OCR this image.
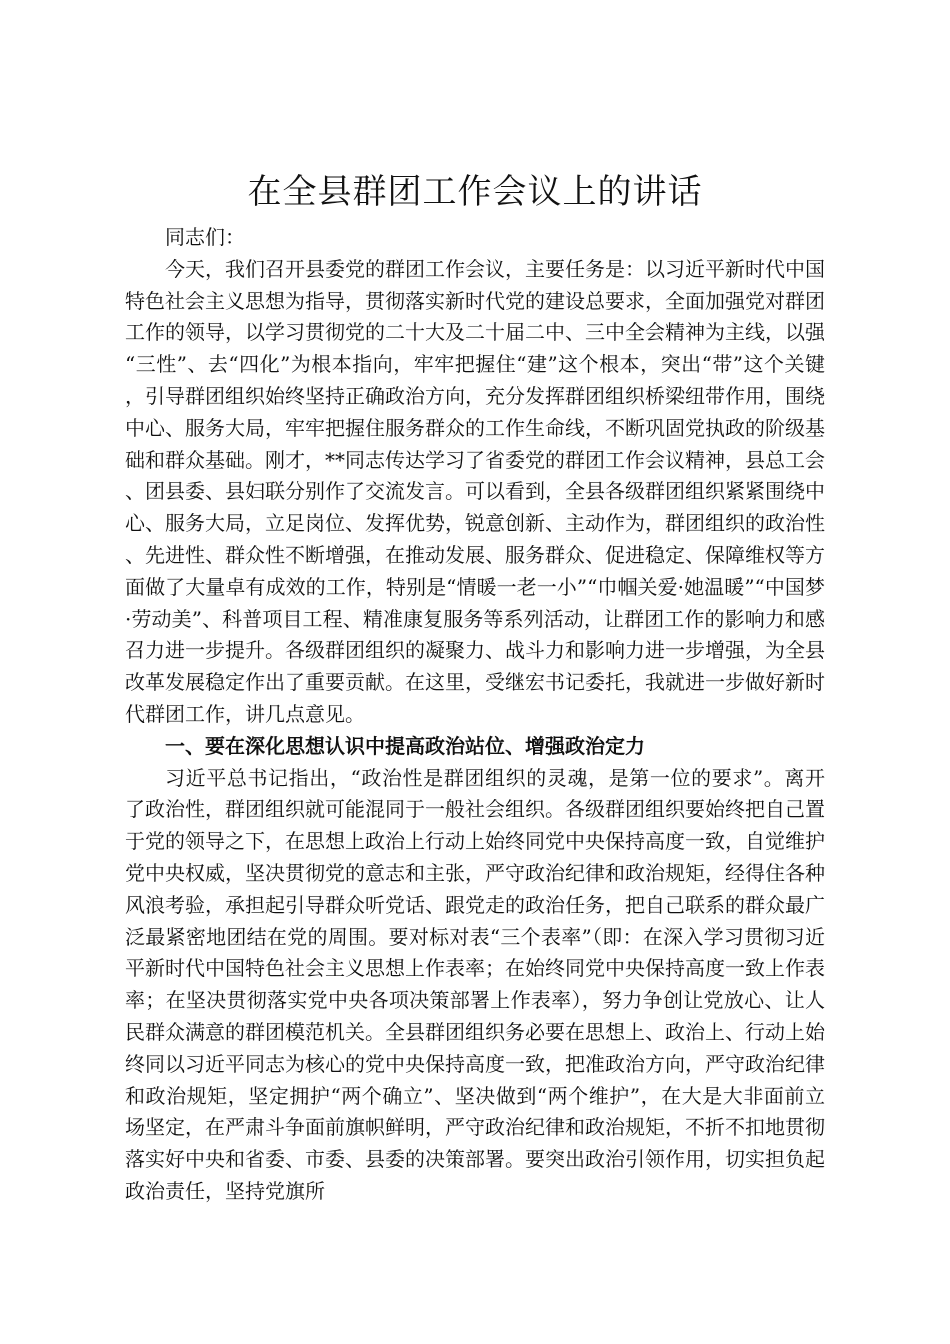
在全县群团工作会议上的讲话

同志们：

今天，我们召开县委党的群团工作会议，主要任务是：以习近平新时代中国特色社会主义思想为指导，贯彻落实新时代党的建设总要求，全面加强党对群团工作的领导，以学习贯彻党的二十大及二十届二中、三中全会精神为主线，以强“三性”、去“四化”为根本指向，牢牢把握住“建”这个根本，突出“带”这个关键，引导群团组织始终坚持正确政治方向，充分发挥群团组织桥梁纽带作用，围绕中心、服务大局，牢牢把握住服务群众的工作生命线，不断巩固党执政的阶级基础和群众基础。刚才，**同志传达学习了省委党的群团工作会议精神，县总工会、团县委、县妇联分别作了交流发言。可以看到，全县各级群团组织紧紧围绕中心、服务大局，立足岗位、发挥优势，锐意创新、主动作为，群团组织的政治性、先进性、群众性不断增强，在推动发展、服务群众、促进稳定、保障维权等方面做了大量卓有成效的工作，特别是“情暖一老一小”“巾帼关爱·她温暖”“中国梦·劳动美”、科普项目工程、精准康复服务等系列活动，让群团工作的影响力和感召力进一步提升。各级群团组织的凝聚力、战斗力和影响力进一步增强，为全县改革发展稳定作出了重要贡献。在这里，受继宏书记委托，我就进一步做好新时代群团工作，讲几点意见。

一、要在深化思想认识中提高政治站位、增强政治定力

习近平总书记指出，“政治性是群团组织的灵魂，是第一位的要求”。离开了政治性，群团组织就可能混同于一般社会组织。各级群团组织要始终把自己置于党的领导之下，在思想上政治上行动上始终同党中央保持高度一致，自觉维护党中央权威，坚决贯彻党的意志和主张，严守政治纪律和政治规矩，经得住各种风浪考验，承担起引导群众听党话、跟党走的政治任务，把自己联系的群众最广泛最紧密地团结在党的周围。要对标对表“三个表率”（即：在深入学习贯彻习近平新时代中国特色社会主义思想上作表率；在始终同党中央保持高度一致上作表率；在坚决贯彻落实党中央各项决策部署上作表率），努力争创让党放心、让人民群众满意的群团模范机关。全县群团组织务必要在思想上、政治上、行动上始终同以习近平同志为核心的党中央保持高度一致，把准政治方向，严守政治纪律和政治规矩，坚定拥护“两个确立”、坚决做到“两个维护”，在大是大非面前立场坚定，在严肃斗争面前旗帜鲜明，严守政治纪律和政治规矩，不折不扣地贯彻落实好中央和省委、市委、县委的决策部署。要突出政治引领作用，切实担负起政治责任，坚持党旗所
